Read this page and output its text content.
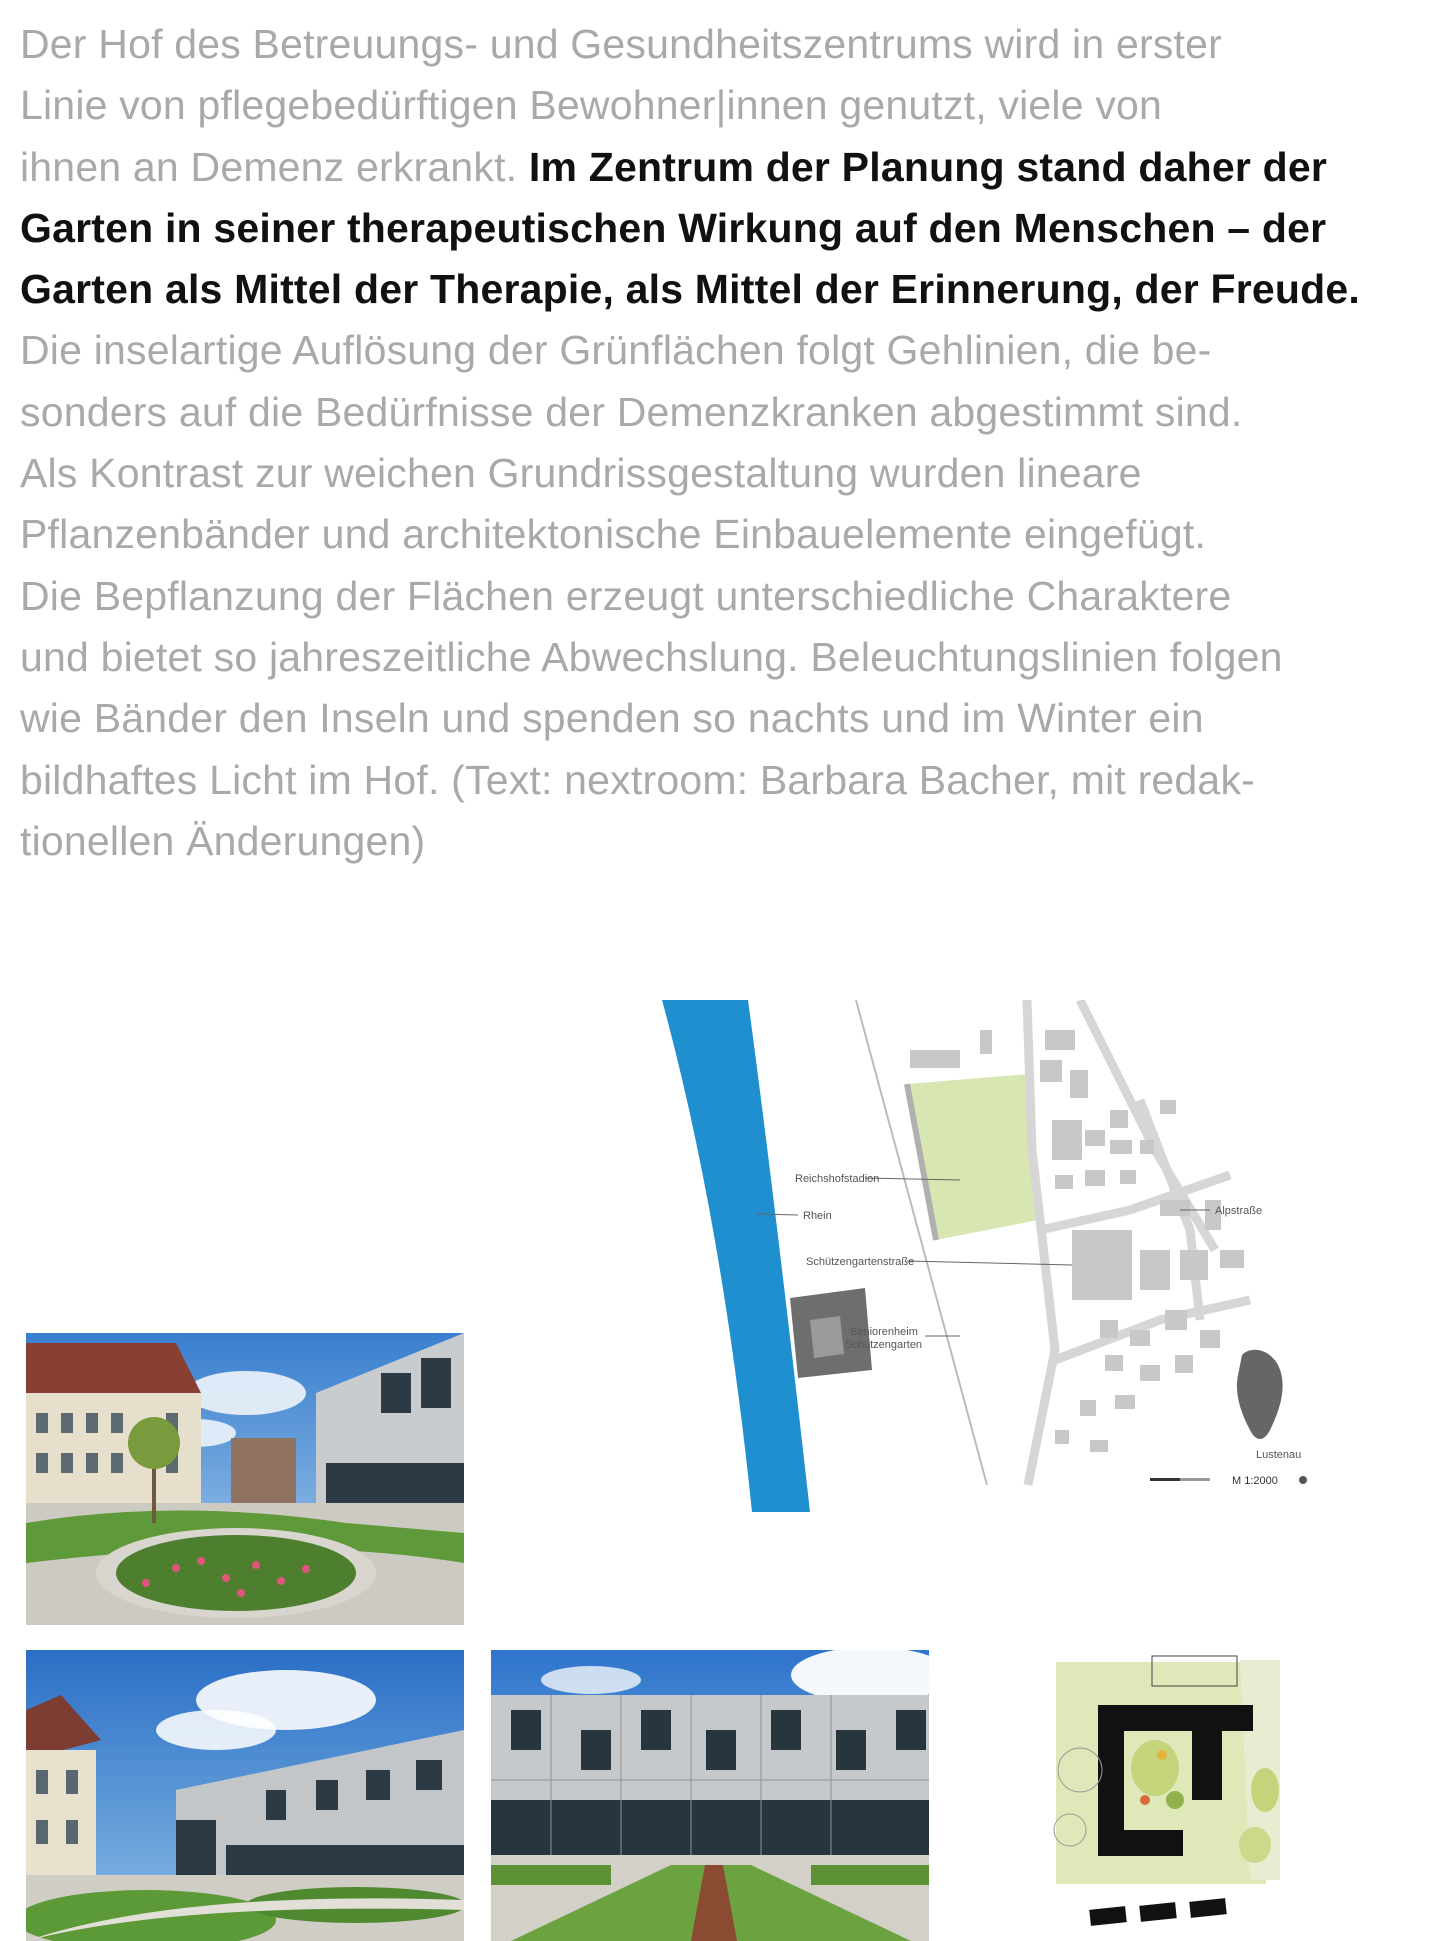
Der Hof des Betreuungs- und Gesundheitszentrums wird in erster
Linie von pflegebedürftigen Bewohner|innen genutzt, viele von
ihnen an Demenz erkrankt. Im Zentrum der Planung stand daher der
Garten in seiner therapeutischen Wirkung auf den Menschen – der
Garten als Mittel der Therapie, als Mittel der Erinnerung, der Freude.
Die inselartige Auflösung der Grünflächen folgt Gehlinien, die be-
sonders auf die Bedürfnisse der Demenzkranken abgestimmt sind.
Als Kontrast zur weichen Grundrissgestaltung wurden lineare
Pflanzenbänder und architektonische Einbauelemente eingefügt.
Die Bepflanzung der Flächen erzeugt unterschiedliche Charaktere
und bietet so jahreszeitliche Abwechslung. Beleuchtungslinien folgen
wie Bänder den Inseln und spenden so nachts und im Winter ein
bildhaftes Licht im Hof. (Text: nextroom: Barbara Bacher, mit redak-
tionellen Änderungen)
Lustenau
Reichshofstadion
Rhein
Schützengartenstraße
Seniorenheim
Schützengarten
Alpstraße
M 1:2000
